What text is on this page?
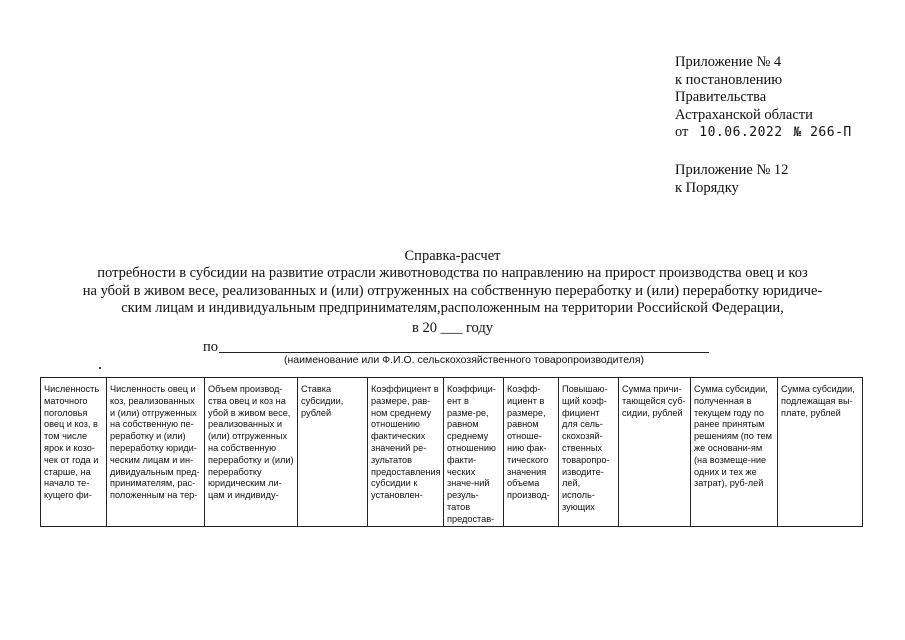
Приложение № 4
к постановлению
Правительства
Астраханской области
от 10.06.2022 № 266-П
Приложение № 12
к Порядку
Справка-расчет
потребности в субсидии на развитие отрасли животноводства по направлению на прирост производства овец и коз
на убой в живом весе, реализованных и (или) отгруженных на собственную переработку и (или) переработку юридиче-
ским лицам и индивидуальным предпринимателям,расположенным на территории Российской Федерации,
в 20 ___ году
по
(наименование или Ф.И.О. сельскохозяйственного товаропроизводителя)
Численность маточного поголовья овец и коз, в том числе ярок и козо-чек от года и старше, на начало те-кущего фи-	Численность овец и коз, реализованных и (или) отгруженных на собственную пе-реработку и (или) переработку юриди-ческим лицам и ин-дивидуальным пред-принимателям, рас-положенным на тер-	Объем производ-ства овец и коз на убой в живом весе, реализованных и (или) отгруженных на собственную переработку и (или) переработку юридическим ли-цам и индивиду-	Ставка субсидии, рублей	Коэффициент в размере, рав-ном среднему отношению фактических значений ре-зультатов предоставления субсидии к установлен-	Коэффици-ент в разме-ре, равном среднему отношению факти-ческих значе-ний резуль-татов предостав-	Коэфф-ициент в размере, равном отноше-нию фак-тического значения объема производ-	Повышаю-щий коэф-фициент для сель-скохозяй-ственных товаропро-изводите-лей, исполь-зующих	Сумма причи-тающейся суб-сидии, рублей	Сумма субсидии, полученная в текущем году по ранее принятым решениям (по тем же основани-ям (на возмеще-ние одних и тех же затрат), руб-лей	Сумма субсидии, подлежащая вы-плате, рублей
